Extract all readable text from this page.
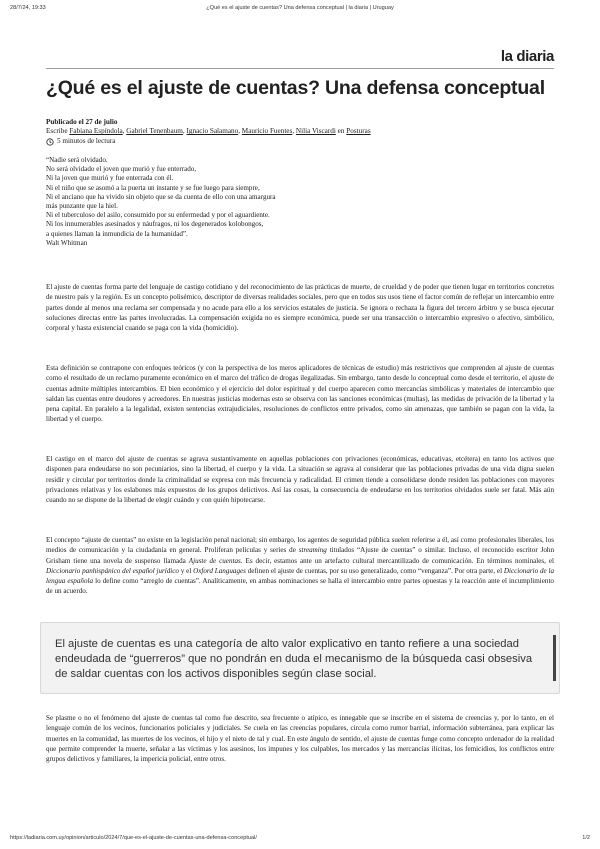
28/7/24, 19:33	¿Qué es el ajuste de cuentas? Una defensa conceptual | la diaria | Uruguay
la diaria
¿Qué es el ajuste de cuentas? Una defensa conceptual
Publicado el 27 de julio
Escribe Fabiana Espíndola, Gabriel Tenenbaum, Ignacio Salamano, Mauricio Fuentes, Nilia Viscardi en Posturas
5 minutos de lectura
“Nadie será olvidado.
No será olvidado el joven que murió y fue enterrado,
Ni la joven que murió y fue enterrada con él.
Ni el niño que se asomó a la puerta un instante y se fue luego para siempre,
Ni el anciano que ha vivido sin objeto que se da cuenta de ello con una amargura
más punzante que la hiel.
Ni el tuberculoso del asilo, consumido por su enfermedad y por el aguardiente.
Ni los innumerables asesinados y náufragos, ni los degenerados kolobongos,
a quienes llaman la inmundicia de la humanidad”.
Walt Whitman

El ajuste de cuentas forma parte del lenguaje de castigo cotidiano y del reconocimiento de las prácticas de muerte, de crueldad y de poder que tienen lugar en territorios concretos de nuestro país y la región. Es un concepto polisémico, descriptor de diversas realidades sociales, pero que en todos sus usos tiene el factor común de reflejar un intercambio entre partes donde al menos una reclama ser compensada y no acude para ello a los servicios estatales de justicia. Se ignora o rechaza la figura del tercero árbitro y se busca ejecutar soluciones directas entre las partes involucradas. La compensación exigida no es siempre económica, puede ser una transacción o intercambio expresivo o afectivo, simbólico, corporal y hasta existencial cuando se paga con la vida (homicidio).

Esta definición se contrapone con enfoques teóricos (y con la perspectiva de los meros aplicadores de técnicas de estudio) más restrictivos que comprenden al ajuste de cuentas como el resultado de un reclamo puramente económico en el marco del tráfico de drogas ilegalizadas. Sin embargo, tanto desde lo conceptual como desde el territorio, el ajuste de cuentas admite múltiples intercambios. El bien económico y el ejercicio del dolor espiritual y del cuerpo aparecen como mercancías simbólicas y materiales de intercambio que saldan las cuentas entre deudores y acreedores. En nuestras justicias modernas esto se observa con las sanciones económicas (multas), las medidas de privación de la libertad y la pena capital. En paralelo a la legalidad, existen sentencias extrajudiciales, resoluciones de conflictos entre privados, como sin amenazas, que también se pagan con la vida, la libertad y el cuerpo.

El castigo en el marco del ajuste de cuentas se agrava sustantivamente en aquellas poblaciones con privaciones (económicas, educativas, etcétera) en tanto los activos que disponen para endeudarse no son pecuniarios, sino la libertad, el cuerpo y la vida. La situación se agrava al considerar que las poblaciones privadas de una vida digna suelen residir y circular por territorios donde la criminalidad se expresa con más frecuencia y radicalidad. El crimen tiende a consolidarse donde residen las poblaciones con mayores privaciones relativas y los eslabones más expuestos de los grupos delictivos. Así las cosas, la consecuencia de endeudarse en los territorios olvidados suele ser fatal. Más aún cuando no se dispone de la libertad de elegir cuándo y con quién hipotecarse.

El concepto “ajuste de cuentas” no existe en la legislación penal nacional; sin embargo, los agentes de seguridad pública suelen referirse a él, así como profesionales liberales, los medios de comunicación y la ciudadanía en general. Proliferan películas y series de streaming titulados “Ajuste de cuentas” o similar. Incluso, el reconocido escritor John Grisham tiene una novela de suspenso llamada Ajuste de cuentas. Es decir, estamos ante un artefacto cultural mercantilizado de comunicación. En términos nominales, el Diccionario panhispánico del español jurídico y el Oxford Languages definen el ajuste de cuentas, por su uso generalizado, como “venganza”. Por otra parte, el Diccionario de la lengua española lo define como “arreglo de cuentas”. Analíticamente, en ambas nominaciones se halla el intercambio entre partes opuestas y la reacción ante el incumplimiento de un acuerdo.

El ajuste de cuentas es una categoría de alto valor explicativo en tanto refiere a una sociedad endeudada de “guerreros” que no pondrán en duda el mecanismo de la búsqueda casi obsesiva de saldar cuentas con los activos disponibles según clase social.

Se plasme o no el fenómeno del ajuste de cuentas tal como fue descrito, sea frecuente o atípico, es innegable que se inscribe en el sistema de creencias y, por lo tanto, en el lenguaje común de los vecinos, funcionarios policiales y judiciales. Se cuela en las creencias populares, circula como rumor barrial, información subterránea, para explicar las muertes en la comunidad, las muertes de los vecinos, el hijo y el nieto de tal y cual. En este ángulo de sentido, el ajuste de cuentas funge como concepto ordenador de la realidad que permite comprender la muerte, señalar a las víctimas y los asesinos, los impunes y los culpables, los mercados y las mercancías ilícitas, los femicidios, los conflictos entre grupos delictivos y familiares, la impericia policial, entre otros.

https://ladiaria.com.uy/opinion/articulo/2024/7/que-es-el-ajuste-de-cuentas-una-defensa-conceptual/	1/2
